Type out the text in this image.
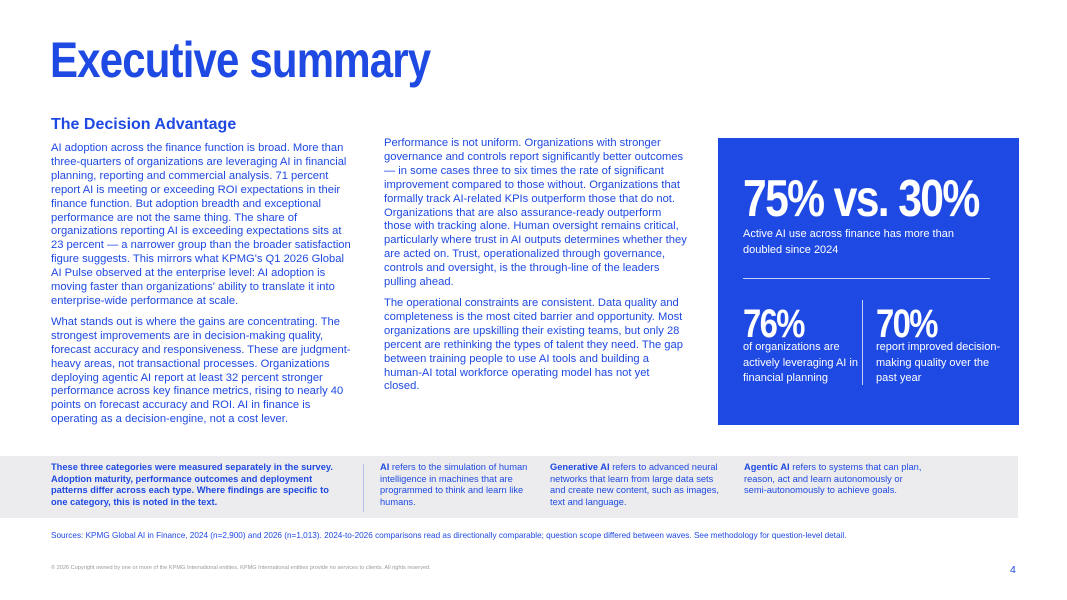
Executive summary
The Decision Advantage

AI adoption across the finance function is broad. More than three-quarters of organizations are leveraging AI in financial planning, reporting and commercial analysis. 71 percent report AI is meeting or exceeding ROI expectations in their finance function. But adoption breadth and exceptional performance are not the same thing. The share of organizations reporting AI is exceeding expectations sits at 23 percent — a narrower group than the broader satisfaction figure suggests. This mirrors what KPMG's Q1 2026 Global AI Pulse observed at the enterprise level: AI adoption is moving faster than organizations' ability to translate it into enterprise-wide performance at scale.

What stands out is where the gains are concentrating. The strongest improvements are in decision-making quality, forecast accuracy and responsiveness. These are judgment-heavy areas, not transactional processes. Organizations deploying agentic AI report at least 32 percent stronger performance across key finance metrics, rising to nearly 40 points on forecast accuracy and ROI. AI in finance is operating as a decision-engine, not a cost lever.

Performance is not uniform. Organizations with stronger governance and controls report significantly better outcomes — in some cases three to six times the rate of significant improvement compared to those without. Organizations that formally track AI-related KPIs outperform those that do not. Organizations that are also assurance-ready outperform those with tracking alone. Human oversight remains critical, particularly where trust in AI outputs determines whether they are acted on. Trust, operationalized through governance, controls and oversight, is the through-line of the leaders pulling ahead.

The operational constraints are consistent. Data quality and completeness is the most cited barrier and opportunity. Most organizations are upskilling their existing teams, but only 28 percent are rethinking the types of talent they need. The gap between training people to use AI tools and building a human-AI total workforce operating model has not yet closed.

75% vs. 30%

Active AI use across finance has more than doubled since 2024

76%

of organizations are actively leveraging AI in financial planning

70%

report improved decision-making quality over the past year

These three categories were measured separately in the survey. Adoption maturity, performance outcomes and deployment patterns differ across each type. Where findings are specific to one category, this is noted in the text.

AI refers to the simulation of human intelligence in machines that are programmed to think and learn like humans.

Generative AI refers to advanced neural networks that learn from large data sets and create new content, such as images, text and language.

Agentic AI refers to systems that can plan, reason, act and learn autonomously or semi-autonomously to achieve goals.

Sources: KPMG Global AI in Finance, 2024 (n=2,900) and 2026 (n=1,013). 2024-to-2026 comparisons read as directionally comparable; question scope differed between waves. See methodology for question-level detail.

© 2026 Copyright owned by one or more of the KPMG International entities. KPMG International entities provide no services to clients. All rights reserved.	4
